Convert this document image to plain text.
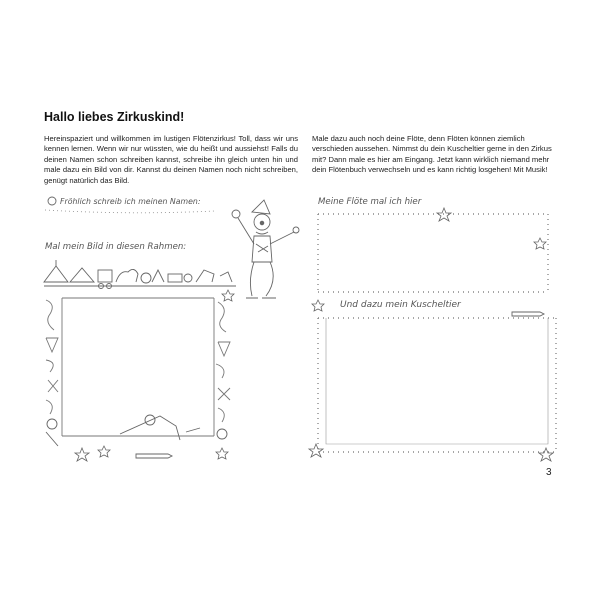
Hallo liebes Zirkuskind!

Hereinspaziert und willkommen im lustigen Flötenzirkus! Toll, dass wir uns kennen lernen. Wenn wir nur wüssten, wie du heißt und aussiehst! Falls du deinen Namen schon schreiben kannst, schreibe ihn gleich unten hin und male dazu ein Bild von dir. Kannst du deinen Namen noch nicht schreiben, genügt natürlich das Bild.

Male dazu auch noch deine Flöte, denn Flöten können ziemlich verschieden aussehen. Nimmst du dein Kuscheltier gerne in den Zirkus mit? Dann male es hier am Eingang. Jetzt kann wirklich niemand mehr dein Flötenbuch verwechseln und es kann richtig losgehen! Mit Musik!

Fröhlich schreib ich meinen Namen:
Mal mein Bild in diesen Rahmen:
Meine Flöte mal ich hier
Und dazu mein Kuscheltier
3
